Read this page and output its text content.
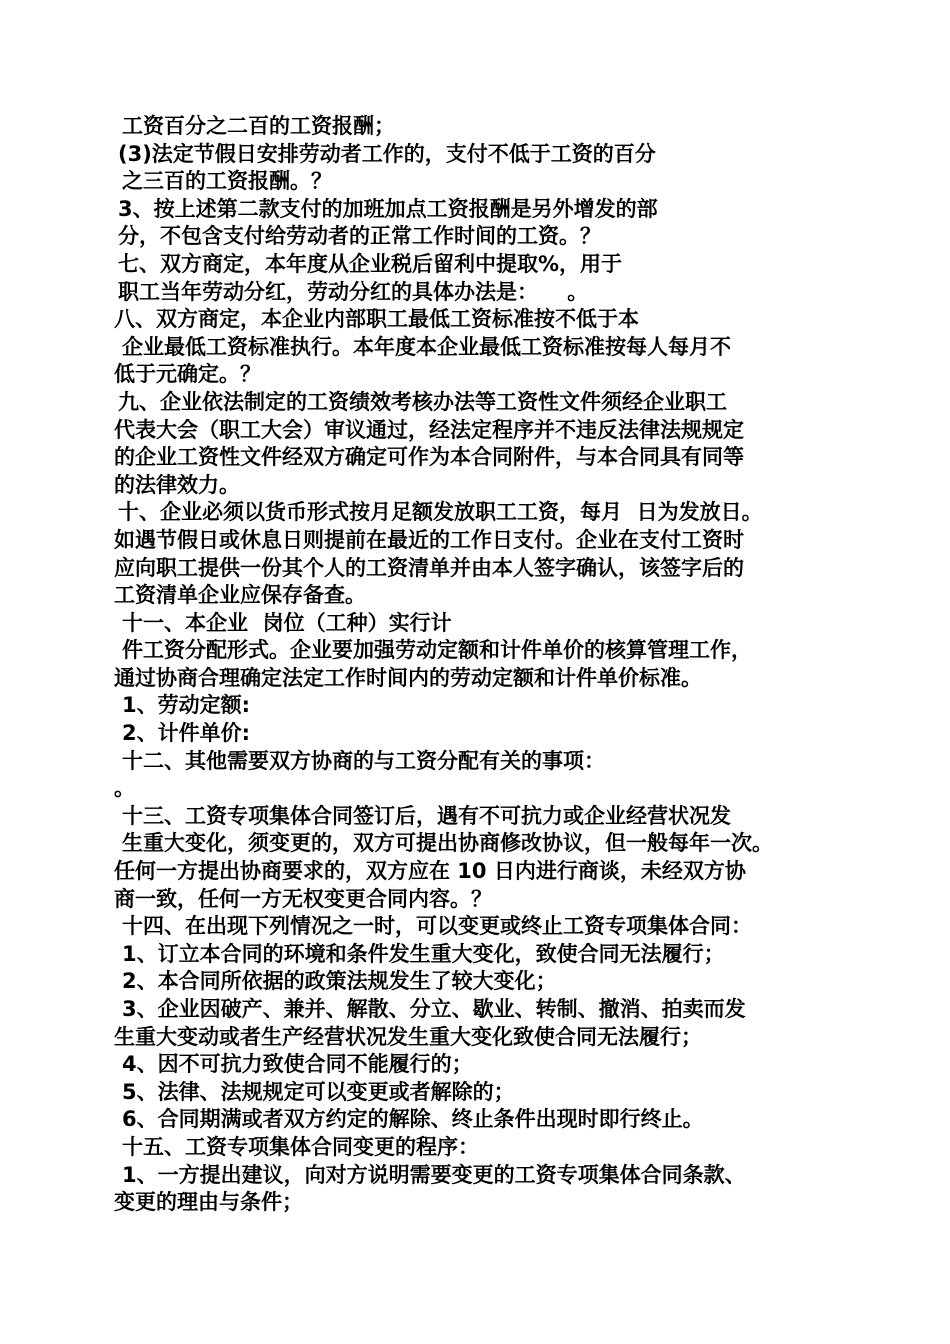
工资百分之二百的工资报酬；
(3)法定节假日安排劳动者工作的，支付不低于工资的百分
之三百的工资报酬。？
3、按上述第二款支付的加班加点工资报酬是另外增发的部
分，不包含支付给劳动者的正常工作时间的工资。？
七、双方商定，本年度从企业税后留利中提取%，用于
职工当年劳动分红，劳动分红的具体办法是：    。
八、双方商定，本企业内部职工最低工资标准按不低于本
企业最低工资标准执行。本年度本企业最低工资标准按每人每月不
低于元确定。？
九、企业依法制定的工资绩效考核办法等工资性文件须经企业职工
代表大会（职工大会）审议通过，经法定程序并不违反法律法规规定
的企业工资性文件经双方确定可作为本合同附件，与本合同具有同等
的法律效力。
十、企业必须以货币形式按月足额发放职工工资，每月  日为发放日。
如遇节假日或休息日则提前在最近的工作日支付。企业在支付工资时
应向职工提供一份其个人的工资清单并由本人签字确认，该签字后的
工资清单企业应保存备查。
十一、本企业  岗位（工种）实行计
件工资分配形式。企业要加强劳动定额和计件单价的核算管理工作，
通过协商合理确定法定工作时间内的劳动定额和计件单价标准。
1、劳动定额:
2、计件单价:
十二、其他需要双方协商的与工资分配有关的事项：
。
十三、工资专项集体合同签订后，遇有不可抗力或企业经营状况发
生重大变化，须变更的，双方可提出协商修改协议，但一般每年一次。
任何一方提出协商要求的，双方应在 10 日内进行商谈，未经双方协
商一致，任何一方无权变更合同内容。？
十四、在出现下列情况之一时，可以变更或终止工资专项集体合同：
1、订立本合同的环境和条件发生重大变化，致使合同无法履行；
2、本合同所依据的政策法规发生了较大变化；
3、企业因破产、兼并、解散、分立、歇业、转制、撤消、拍卖而发
生重大变动或者生产经营状况发生重大变化致使合同无法履行；
4、因不可抗力致使合同不能履行的；
5、法律、法规规定可以变更或者解除的；
6、合同期满或者双方约定的解除、终止条件出现时即行终止。
十五、工资专项集体合同变更的程序：
1、一方提出建议，向对方说明需要变更的工资专项集体合同条款、
变更的理由与条件；
